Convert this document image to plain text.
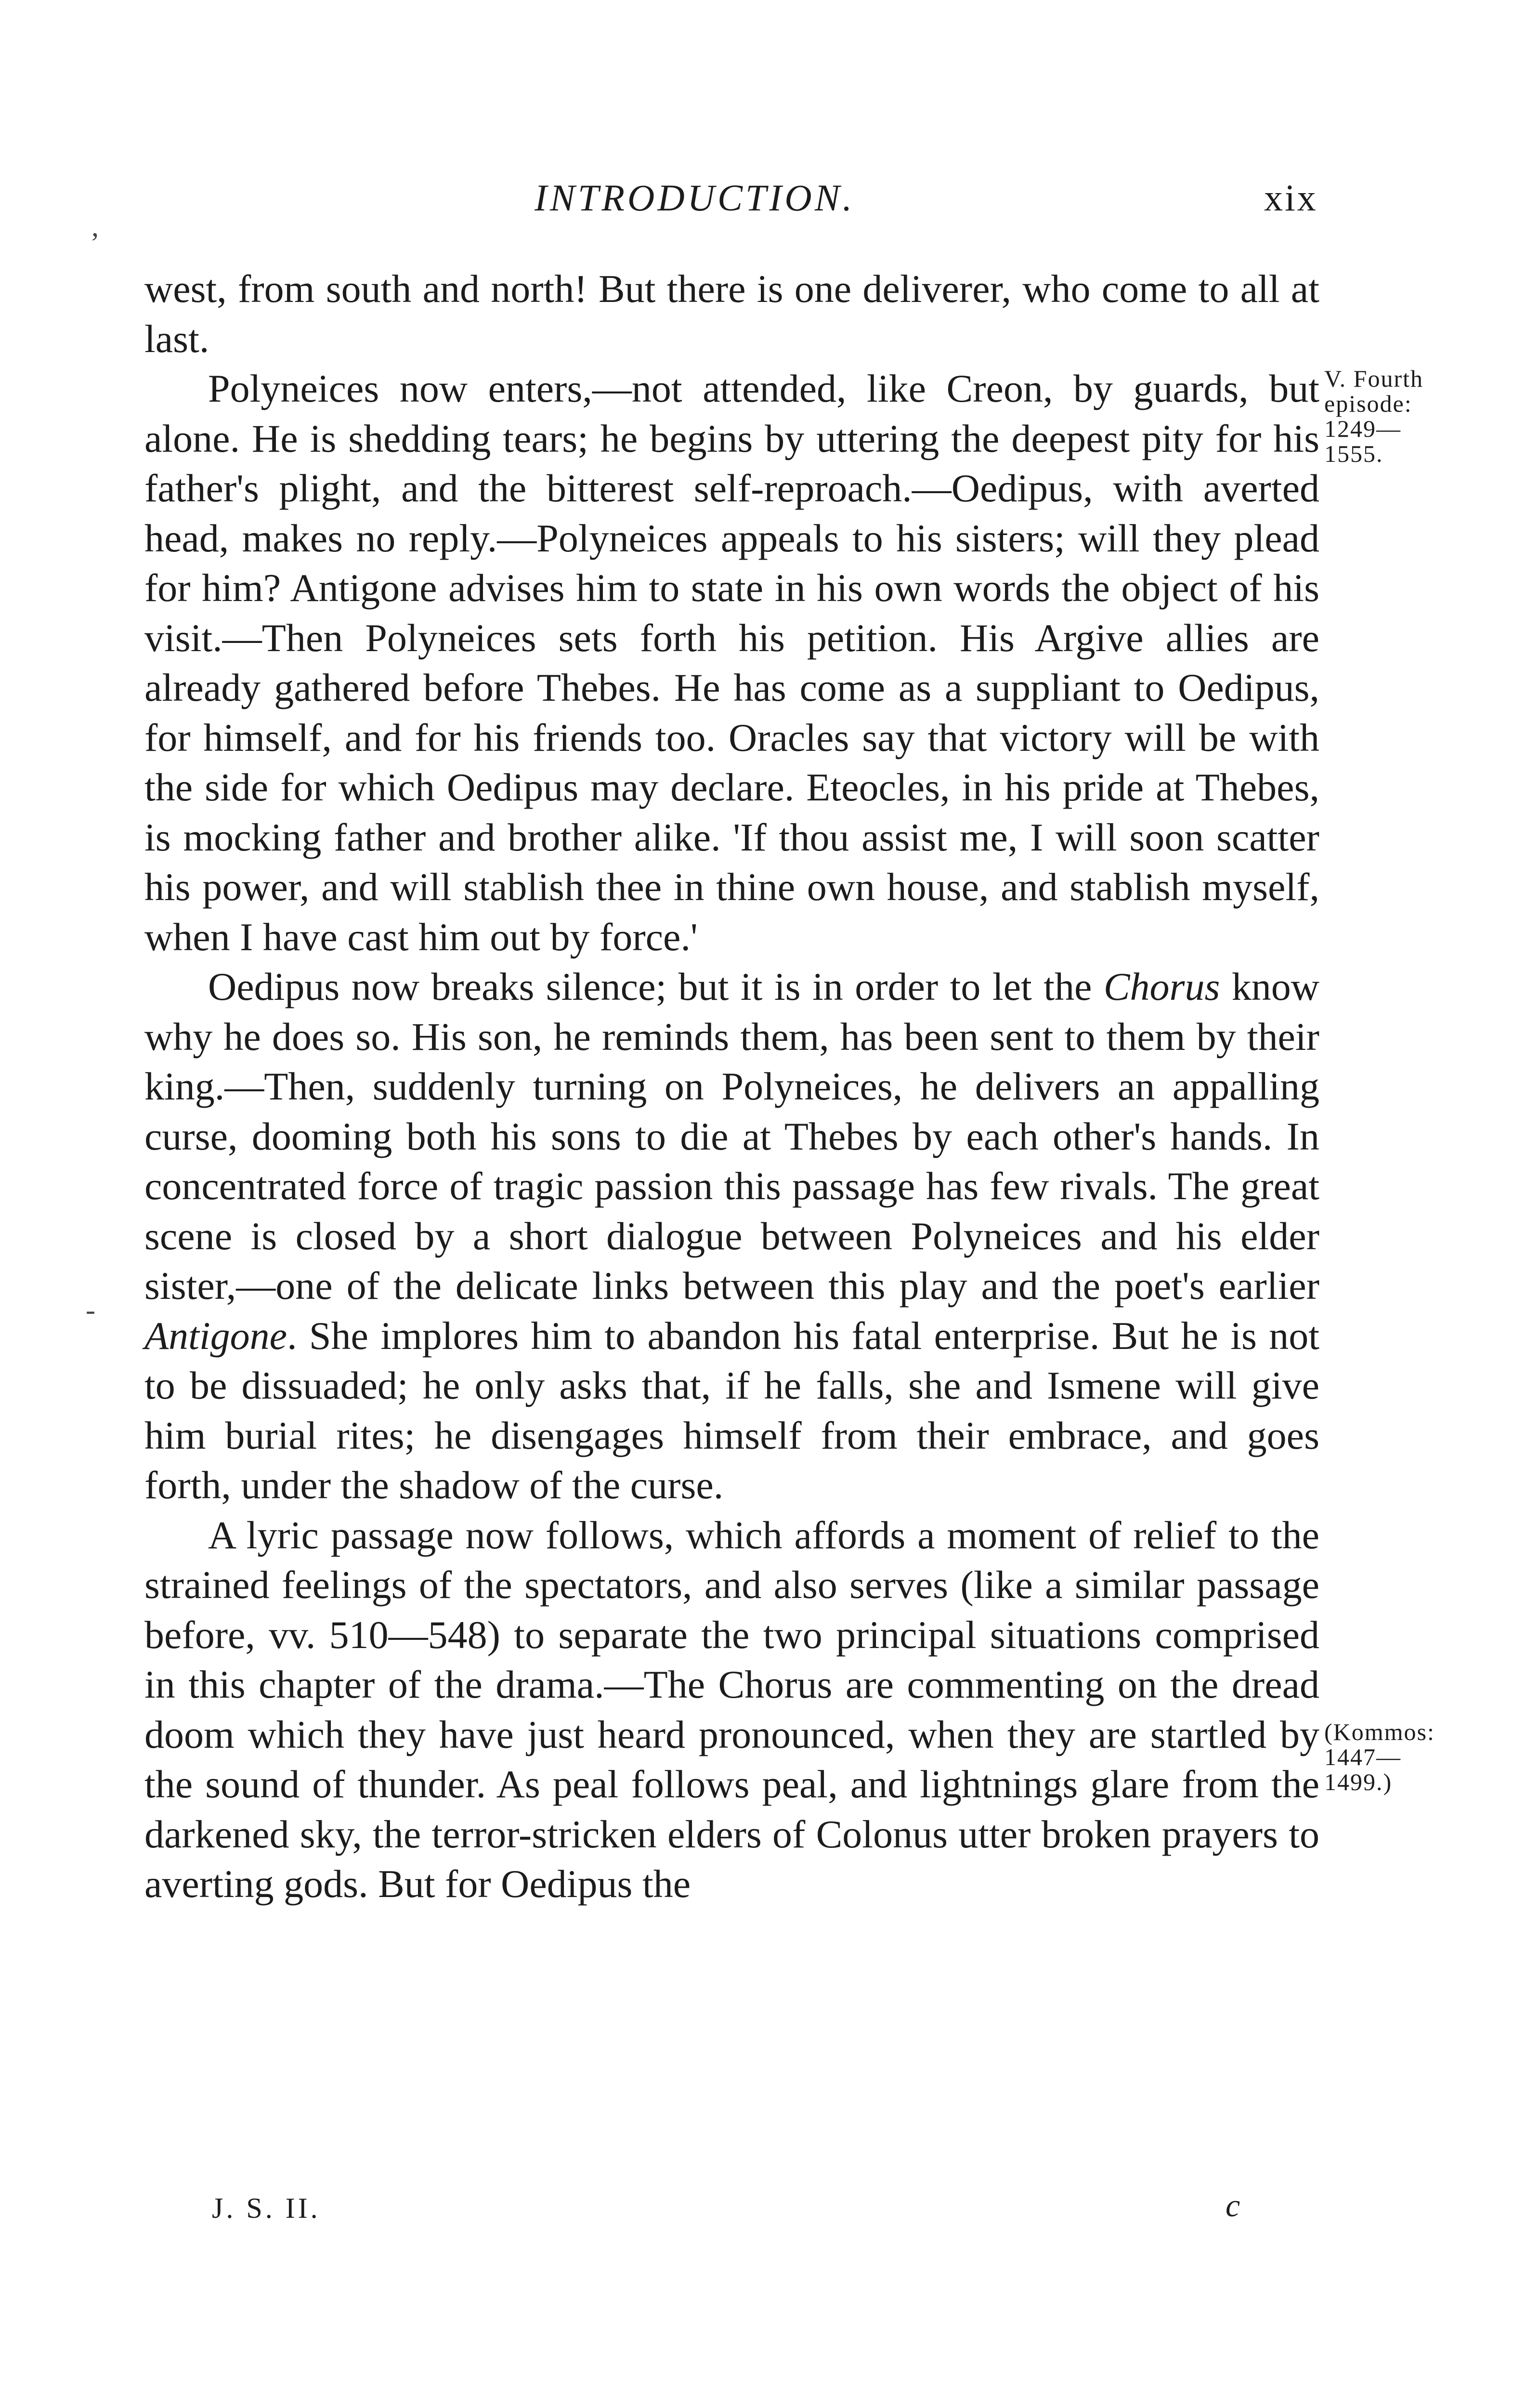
,
-
INTRODUCTION.	xix

west, from south and north! But there is one deliverer, who come to all at last.

Polyneices now enters,—not attended, like Creon, by guards, but alone. He is shedding tears; he begins by uttering the deepest pity for his father's plight, and the bitterest self-reproach.—Oedipus, with averted head, makes no reply.—Polyneices appeals to his sisters; will they plead for him? Antigone advises him to state in his own words the object of his visit.—Then Polyneices sets forth his petition. His Argive allies are already gathered before Thebes. He has come as a suppliant to Oedipus, for himself, and for his friends too. Oracles say that victory will be with the side for which Oedipus may declare. Eteocles, in his pride at Thebes, is mocking father and brother alike. 'If thou assist me, I will soon scatter his power, and will stablish thee in thine own house, and stablish myself, when I have cast him out by force.'

Oedipus now breaks silence; but it is in order to let the Chorus know why he does so. His son, he reminds them, has been sent to them by their king.—Then, suddenly turning on Polyneices, he delivers an appalling curse, dooming both his sons to die at Thebes by each other's hands. In concentrated force of tragic passion this passage has few rivals. The great scene is closed by a short dialogue between Polyneices and his elder sister,—one of the delicate links between this play and the poet's earlier Antigone. She implores him to abandon his fatal enterprise. But he is not to be dissuaded; he only asks that, if he falls, she and Ismene will give him burial rites; he disengages himself from their embrace, and goes forth, under the shadow of the curse.

A lyric passage now follows, which affords a moment of relief to the strained feelings of the spectators, and also serves (like a similar passage before, vv. 510—548) to separate the two principal situations comprised in this chapter of the drama.—The Chorus are commenting on the dread doom which they have just heard pronounced, when they are startled by the sound of thunder. As peal follows peal, and lightnings glare from the darkened sky, the terror-stricken elders of Colonus utter broken prayers to averting gods. But for Oedipus the

V. Fourth
episode:
1249—
1555.
(Kommos:
1447—
1499.)
J. S. II.	c
